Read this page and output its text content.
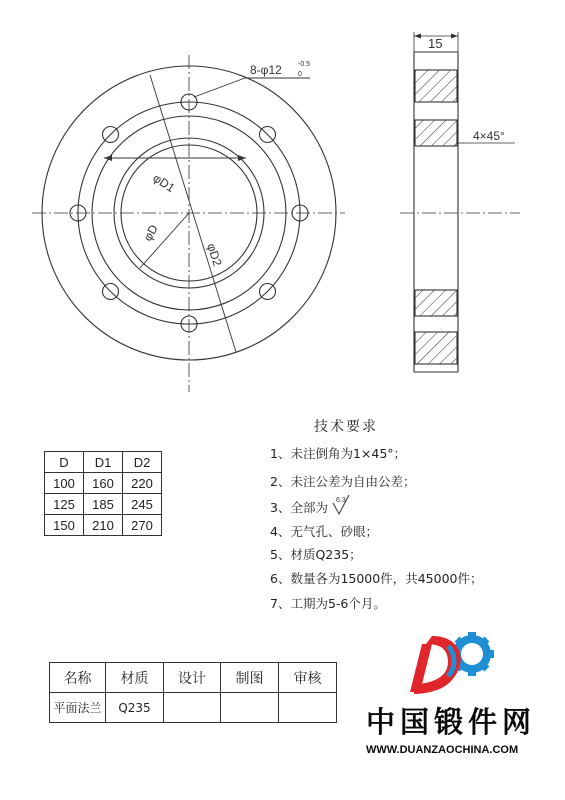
8-φ12 -0.5
0
φD1
φD
φD2
15
4×45°
技术要求
1、未注倒角为1×45°；
2、未注公差为自由公差；
3、全部为 6.3
4、无气孔、砂眼；
5、材质Q235；
6、数量各为15000件，共45000件；
7、工期为5-6个月。
D	D1	D2
100	160	220
125	185	245
150	210	270
名称	材质	设计	制图	审核
平面法兰	Q235				中国锻件网
WWW.DUANZAOCHINA.COM
